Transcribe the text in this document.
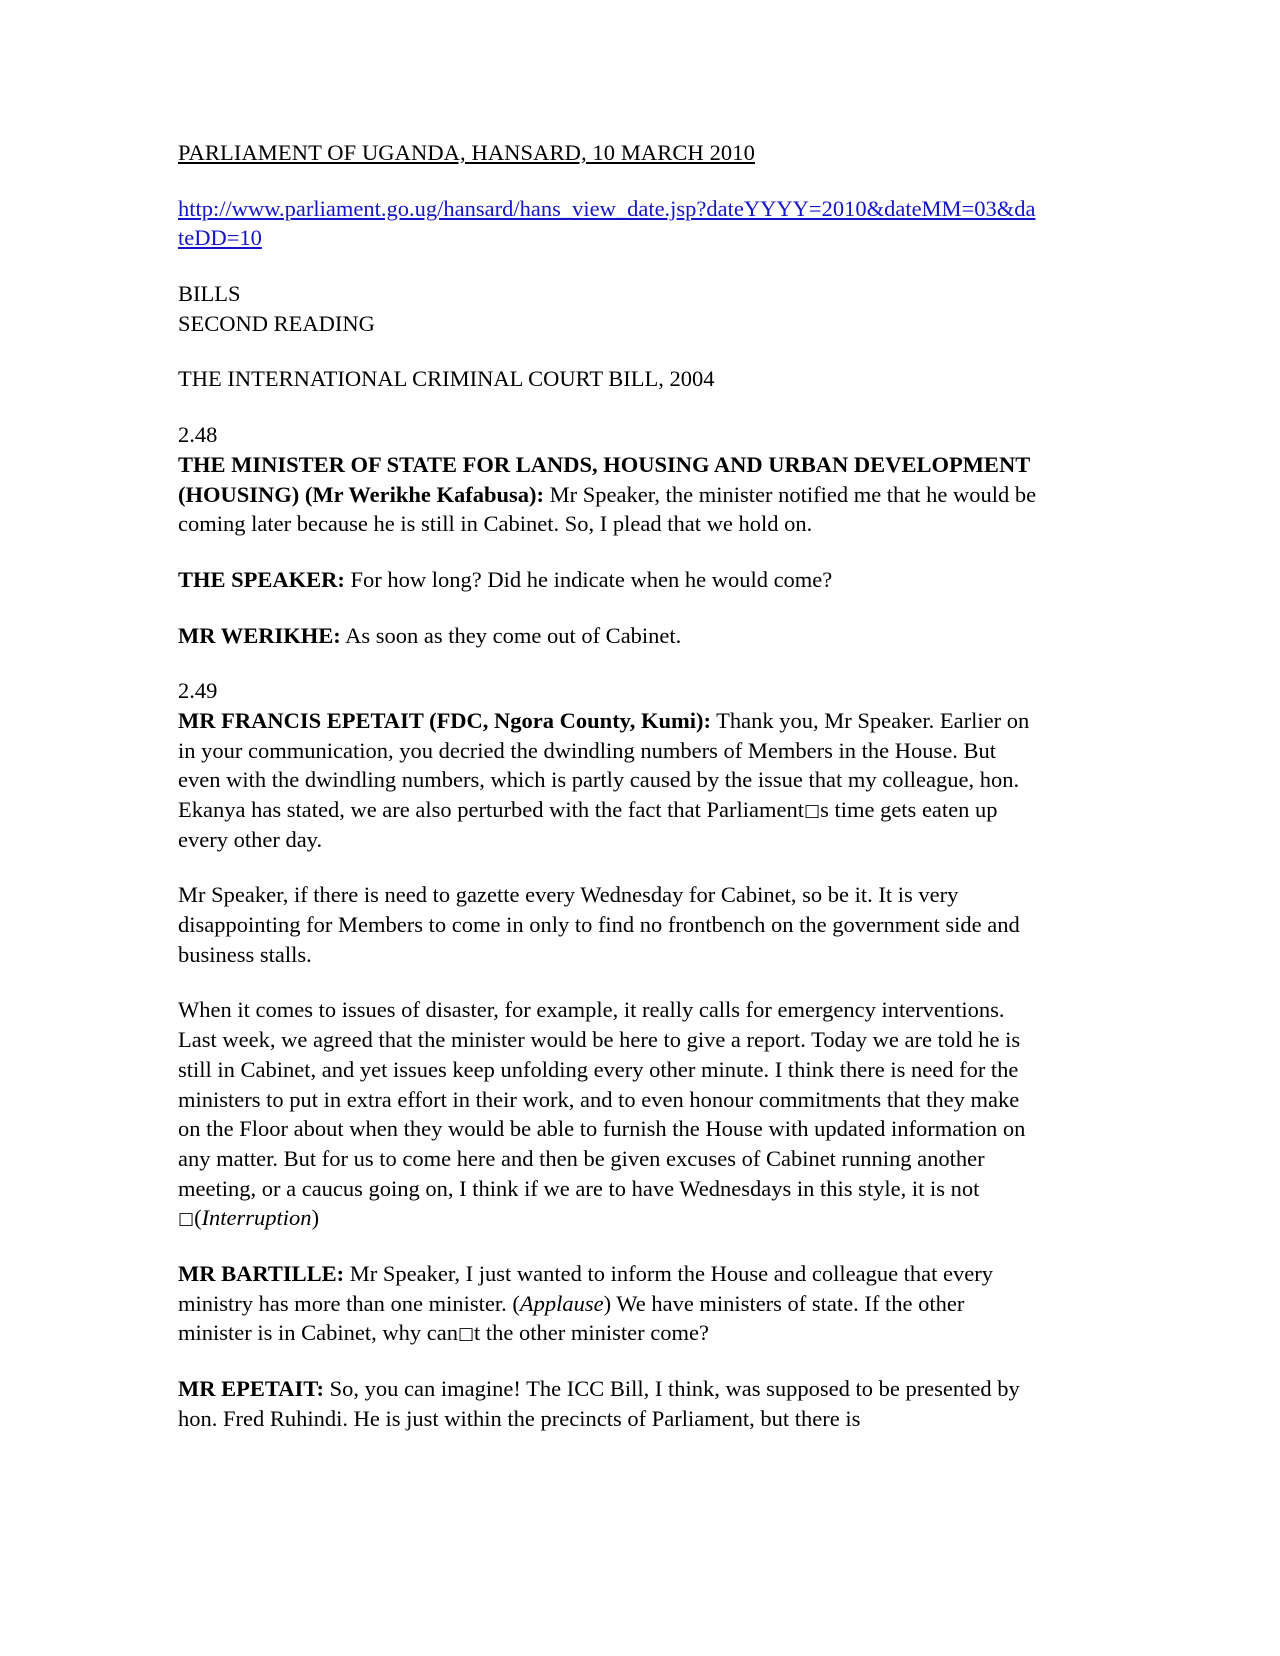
PARLIAMENT OF UGANDA, HANSARD, 10 MARCH 2010
http://www.parliament.go.ug/hansard/hans_view_date.jsp?dateYYYY=2010&dateMM=03&dateDD=10

BILLS

SECOND READING

THE INTERNATIONAL CRIMINAL COURT BILL, 2004
2.48
THE MINISTER OF STATE FOR LANDS, HOUSING AND URBAN DEVELOPMENT (HOUSING) (Mr Werikhe Kafabusa): Mr Speaker, the minister notified me that he would be coming later because he is still in Cabinet. So, I plead that we hold on.
THE SPEAKER: For how long? Did he indicate when he would come?
MR WERIKHE: As soon as they come out of Cabinet.
2.49
MR FRANCIS EPETAIT (FDC, Ngora County, Kumi): Thank you, Mr Speaker. Earlier on in your communication, you decried the dwindling numbers of Members in the House. But even with the dwindling numbers, which is partly caused by the issue that my colleague, hon. Ekanya has stated, we are also perturbed with the fact that Parliament□s time gets eaten up every other day.
Mr Speaker, if there is need to gazette every Wednesday for Cabinet, so be it. It is very disappointing for Members to come in only to find no frontbench on the government side and business stalls.
When it comes to issues of disaster, for example, it really calls for emergency interventions. Last week, we agreed that the minister would be here to give a report. Today we are told he is still in Cabinet, and yet issues keep unfolding every other minute. I think there is need for the ministers to put in extra effort in their work, and to even honour commitments that they make on the Floor about when they would be able to furnish the House with updated information on any matter. But for us to come here and then be given excuses of Cabinet running another meeting, or a caucus going on, I think if we are to have Wednesdays in this style, it is not □(Interruption)
MR BARTILLE: Mr Speaker, I just wanted to inform the House and colleague that every ministry has more than one minister. (Applause) We have ministers of state. If the other minister is in Cabinet, why can□t the other minister come?
MR EPETAIT: So, you can imagine! The ICC Bill, I think, was supposed to be presented by hon. Fred Ruhindi. He is just within the precincts of Parliament, but there is
